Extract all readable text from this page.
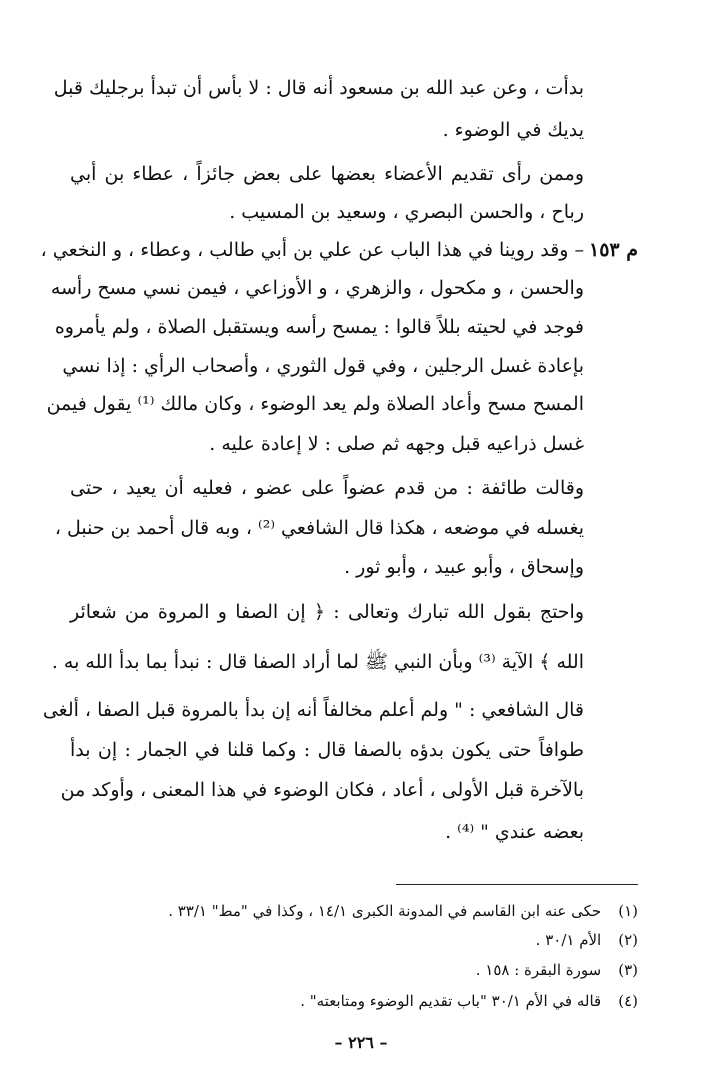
بدأت ، وعن عبد الله بن مسعود أنه قال : لا بأس أن تبدأ برجليك قبل
يديك في الوضوء .
وممن رأى تقديم الأعضاء بعضها على بعض جائزاً ، عطاء بن أبي
رباح ، والحسن البصري ، وسعيد بن المسيب .
م ١٥٣
– وقد روينا في هذا الباب عن علي بن أبي طالب ، وعطاء ، و النخعي ،
والحسن ، و مكحول ، والزهري ، و الأوزاعي ، فيمن نسي مسح رأسه
فوجد في لحيته بللاً قالوا : يمسح رأسه ويستقبل الصلاة ، ولم يأمروه
بإعادة غسل الرجلين ، وفي قول الثوري ، وأصحاب الرأي : إذا نسي
المسح مسح وأعاد الصلاة ولم يعد الوضوء ، وكان مالك ⁽¹⁾ يقول فيمن
غسل ذراعيه قبل وجهه ثم صلى : لا إعادة عليه .
وقالت طائفة : من قدم عضواً على عضو ، فعليه أن يعيد ، حتى
يغسله في موضعه ، هكذا قال الشافعي ⁽²⁾ ، وبه قال أحمد بن حنبل ،
وإسحاق ، وأبو عبيد ، وأبو ثور .
واحتج بقول الله تبارك وتعالى : ﴿ إن الصفا و المروة من شعائر
الله ﴾ الآية ⁽³⁾ وبأن النبي ﷺ لما أراد الصفا قال : نبدأ بما بدأ الله به .
قال الشافعي : " ولم أعلم مخالفاً أنه إن بدأ بالمروة قبل الصفا ، ألغى
طوافاً حتى يكون بدؤه بالصفا قال : وكما قلنا في الجمار : إن بدأ
بالآخرة قبل الأولى ، أعاد ، فكان الوضوء في هذا المعنى ، وأوكد من
بعضه عندي " ⁽⁴⁾ .
(١) حكى عنه ابن القاسم في المدونة الكبرى ١٤/١ ، وكذا في "مط" ٣٣/١ .
(٢) الأم ٣٠/١ .
(٣) سورة البقرة : ١٥٨ .
(٤) قاله في الأم ٣٠/١ "باب تقديم الوضوء ومتابعته" .
– ٢٢٦ –
